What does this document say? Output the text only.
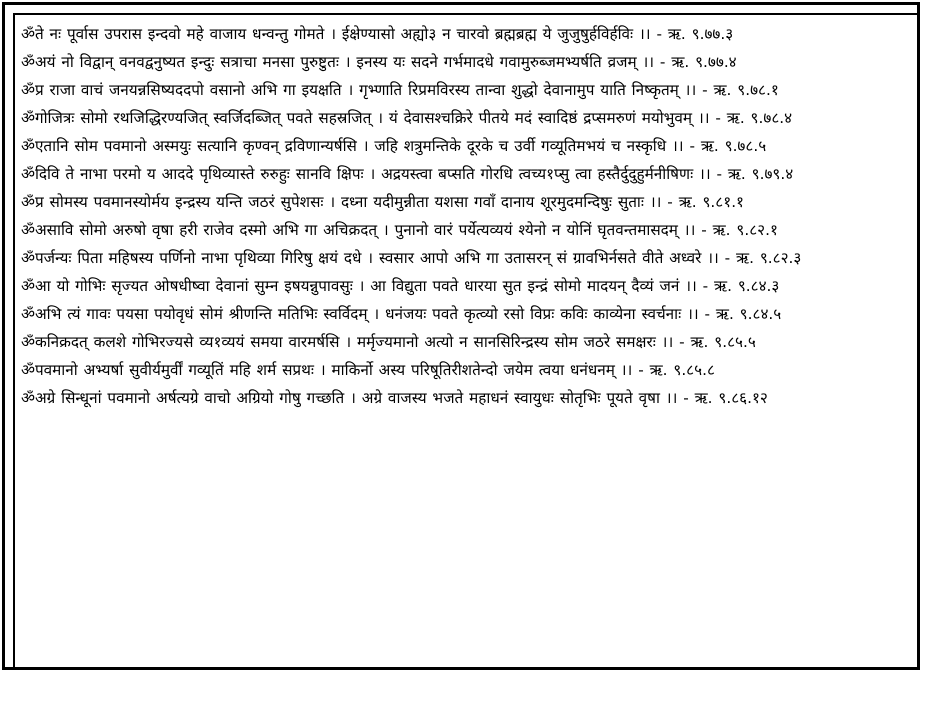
ॐते नः पूर्वास उपरास इन्दवो महे वाजाय धन्वन्तु गोमते । ईक्षेण्यासो अह्यो३ न चारवो ब्रह्मब्रह्म ये जुजुषुर्हविर्हविः ।। - ऋ. ९.७७.३

ॐअयं नो विद्वान् वनवद्वनुष्यत इन्दुः सत्राचा मनसा पुरुष्टुतः । इनस्य यः सदने गर्भमादधे गवामुरुब्जमभ्यर्षति व्रजम् ।। - ऋ. ९.७७.४

ॐप्र राजा वाचं जनयन्नसिष्यददपो वसानो अभि गा इयक्षति । गृभ्णाति रिप्रमविरस्य तान्वा शुद्धो देवानामुप याति निष्कृतम् ।। - ऋ. ९.७८.१

ॐगोजित्रः सोमो रथजिद्धिरण्यजित् स्वर्जिदब्जित् पवते सहस्रजित् । यं देवासश्चक्रिरे पीतये मदं स्वादिष्ठं द्रप्समरुणं मयोभुवम् ।। - ऋ. ९.७८.४

ॐएतानि सोम पवमानो अस्मयुः सत्यानि कृण्वन् द्रविणान्यर्षसि । जहि शत्रुमन्तिके दूरके च उर्वी गव्यूतिमभयं च नस्कृधि ।। - ऋ. ९.७८.५

ॐदिवि ते नाभा परमो य आददे पृथिव्यास्ते रुरुहुः सानवि क्षिपः । अद्रयस्त्वा बप्सति गोरधि त्वच्य१प्सु त्वा हस्तैर्दुदुहुर्मनीषिणः ।। - ऋ. ९.७९.४

ॐप्र सोमस्य पवमानस्योर्मय इन्द्रस्य यन्ति जठरं सुपेशसः । दध्ना यदीमुन्नीता यशसा गवाँ दानाय शूरमुदमन्दिषुः सुताः ।। - ऋ. ९.८१.१

ॐअसावि सोमो अरुषो वृषा हरी राजेव दस्मो अभि गा अचिक्रदत् । पुनानो वारं पर्येत्यव्ययं श्येनो न योनिं घृतवन्तमासदम् ।। - ऋ. ९.८२.१

ॐपर्जन्यः पिता महिषस्य पर्णिनो नाभा पृथिव्या गिरिषु क्षयं दधे । स्वसार आपो अभि गा उतासरन् सं ग्रावभिर्नसते वीते अध्वरे ।। - ऋ. ९.८२.३

ॐआ यो गोभिः सृज्यत ओषधीष्वा देवानां सुम्न इषयन्नुपावसुः । आ विद्युता पवते धारया सुत इन्द्रं सोमो मादयन् दैव्यं जनं ।। - ऋ. ९.८४.३

ॐअभि त्यं गावः पयसा पयोवृधं सोमं श्रीणन्ति मतिभिः स्वर्विदम् । धनंजयः पवते कृत्व्यो रसो विप्रः कविः काव्येना स्वर्चनाः ।। - ऋ. ९.८४.५

ॐकनिक्रदत् कलशे गोभिरज्यसे व्य१व्ययं समया वारमर्षसि । मर्मृज्यमानो अत्यो न सानसिरिन्द्रस्य सोम जठरे समक्षरः ।। - ऋ. ९.८५.५

ॐपवमानो अभ्यर्षा सुवीर्यमुर्वीं गव्यूतिं महि शर्म सप्रथः । माकिर्नो अस्य परिषूतिरीशतेन्दो जयेम त्वया धनंधनम् ।। - ऋ. ९.८५.८

ॐअग्रे सिन्धूनां पवमानो अर्षत्यग्रे वाचो अग्रियो गोषु गच्छति । अग्रे वाजस्य भजते महाधनं स्वायुधः सोतृभिः पूयते वृषा ।। - ऋ. ९.८६.१२
